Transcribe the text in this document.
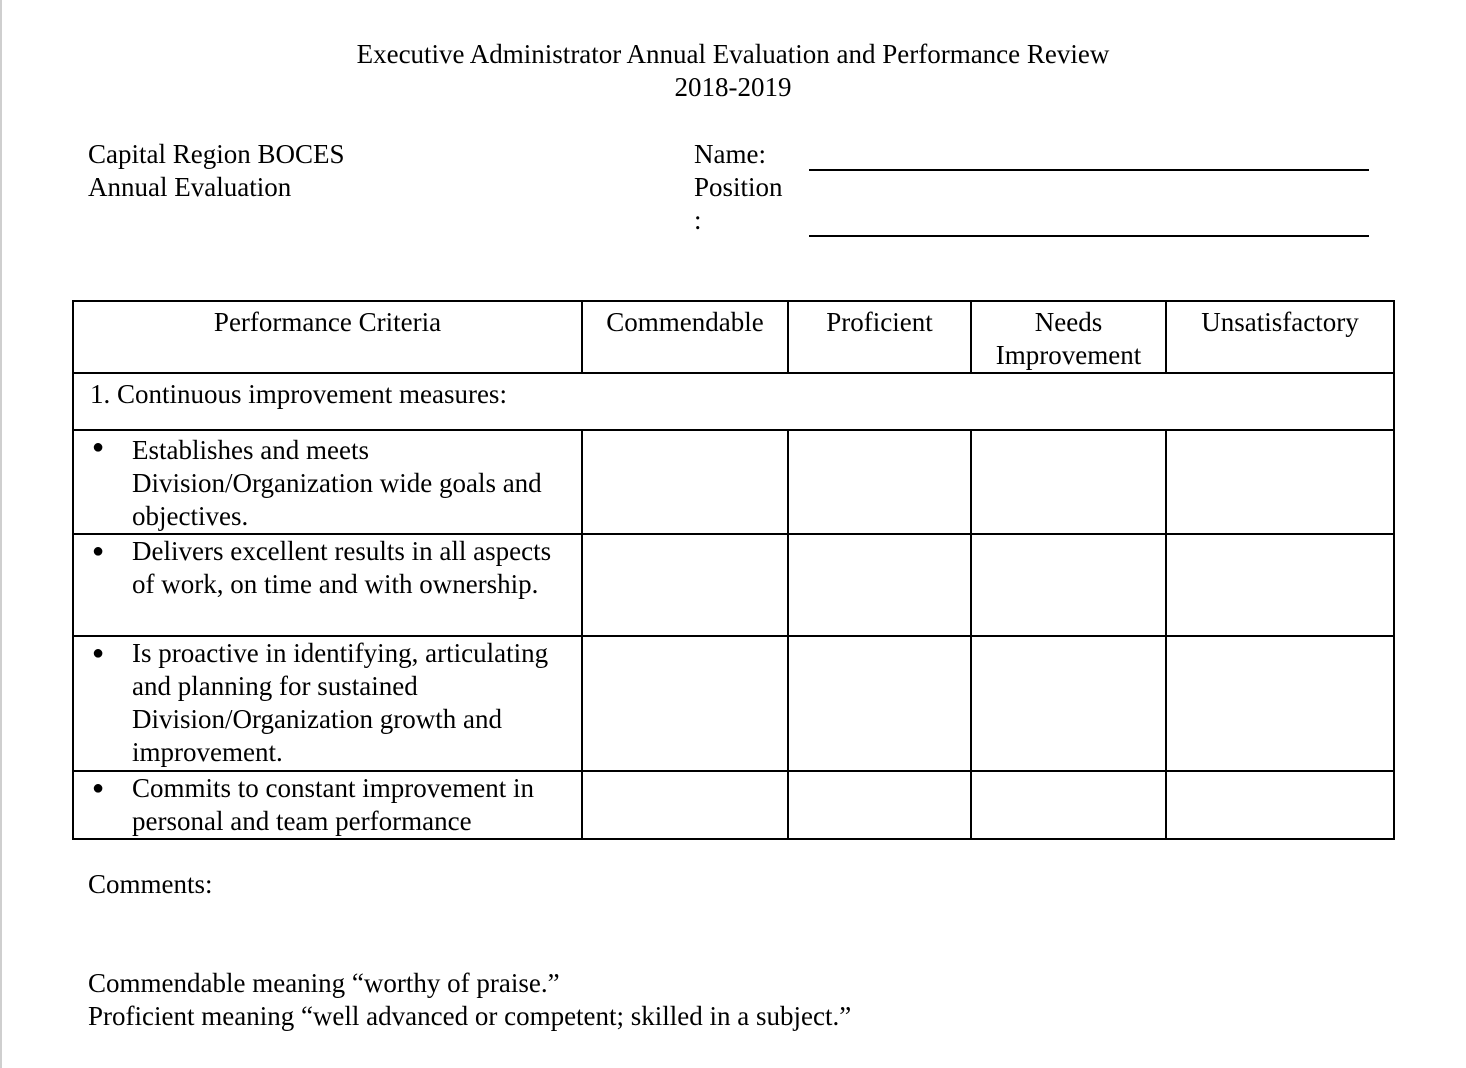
Executive Administrator Annual Evaluation and Performance Review
2018-2019
Capital Region BOCES
Annual Evaluation
Name:
Position
:
Performance Criteria	Commendable	Proficient	Needs Improvement	Unsatisfactory
1. Continuous improvement measures:				

● Establishes and meets Division/Organization wide goals and objectives.				

● Delivers excellent results in all aspects of work, on time and with ownership.				

● Is proactive in identifying, articulating and planning for sustained Division/Organization growth and improvement.				

● Commits to constant improvement in personal and team performance				
Comments:
Commendable meaning “worthy of praise.”
Proficient meaning “well advanced or competent; skilled in a subject.”
